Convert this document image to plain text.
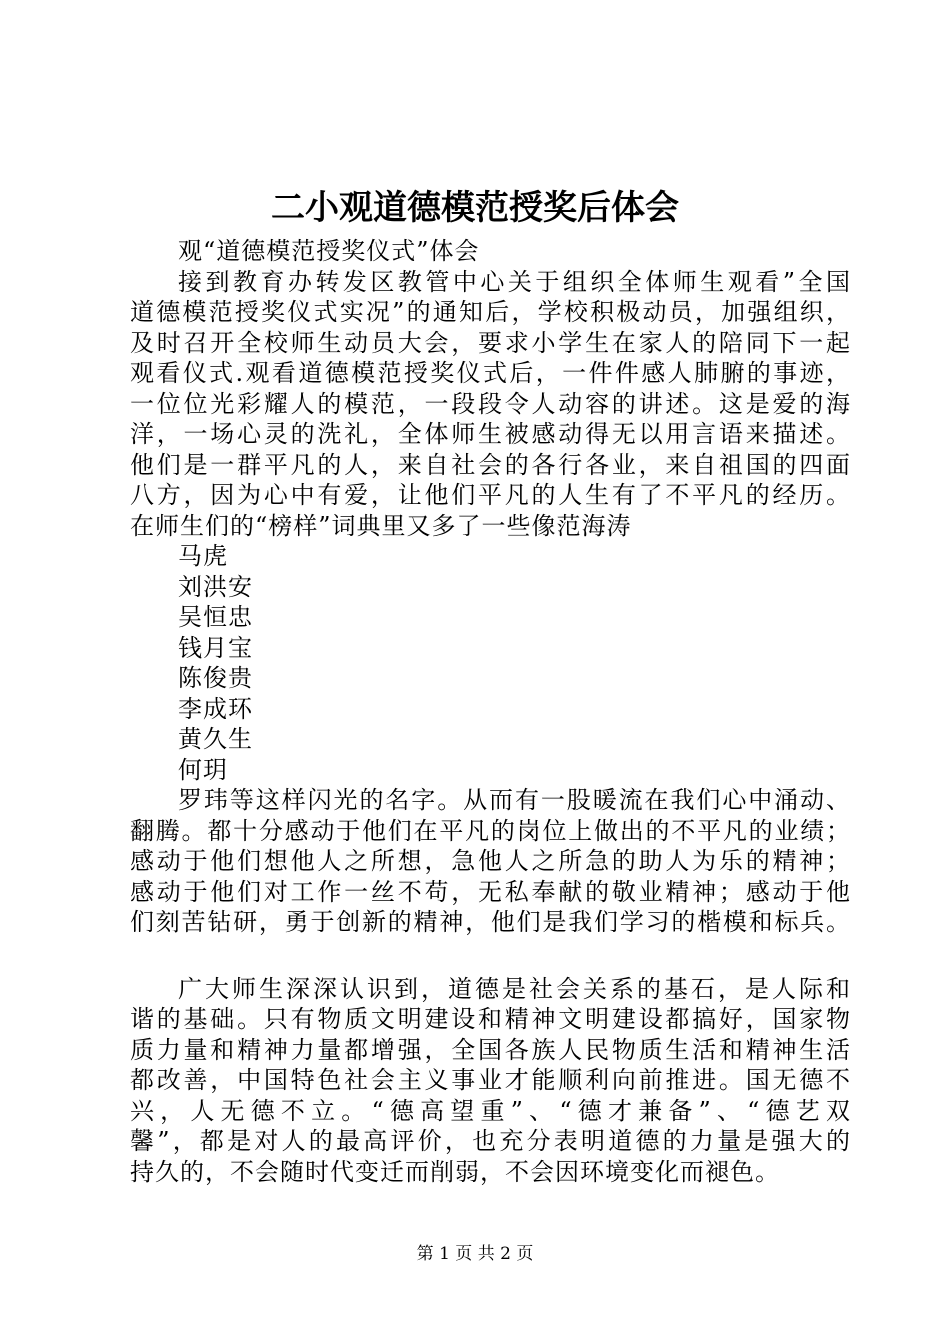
二小观道德模范授奖后体会
观“道德模范授奖仪式”体会
接到教育办转发区教管中心关于组织全体师生观看”全国
道德模范授奖仪式实况”的通知后，学校积极动员，加强组织，
及时召开全校师生动员大会，要求小学生在家人的陪同下一起
观看仪式.观看道德模范授奖仪式后，一件件感人肺腑的事迹，
一位位光彩耀人的模范，一段段令人动容的讲述。这是爱的海
洋，一场心灵的洗礼，全体师生被感动得无以用言语来描述。
他们是一群平凡的人，来自社会的各行各业，来自祖国的四面
八方，因为心中有爱，让他们平凡的人生有了不平凡的经历。
在师生们的“榜样”词典里又多了一些像范海涛
马虎
刘洪安
吴恒忠
钱月宝
陈俊贵
李成环
黄久生
何玥
罗玮等这样闪光的名字。从而有一股暖流在我们心中涌动、
翻腾。都十分感动于他们在平凡的岗位上做出的不平凡的业绩；
感动于他们想他人之所想，急他人之所急的助人为乐的精神；
感动于他们对工作一丝不苟，无私奉献的敬业精神；感动于他
们刻苦钻研，勇于创新的精神，他们是我们学习的楷模和标兵。
广大师生深深认识到，道德是社会关系的基石，是人际和
谐的基础。只有物质文明建设和精神文明建设都搞好，国家物
质力量和精神力量都增强，全国各族人民物质生活和精神生活
都改善，中国特色社会主义事业才能顺利向前推进。国无德不
兴，人无德不立。“德高望重”、“德才兼备”、“德艺双
馨”，都是对人的最高评价，也充分表明道德的力量是强大的
持久的，不会随时代变迁而削弱，不会因环境变化而褪色。
第 1 页 共 2 页
